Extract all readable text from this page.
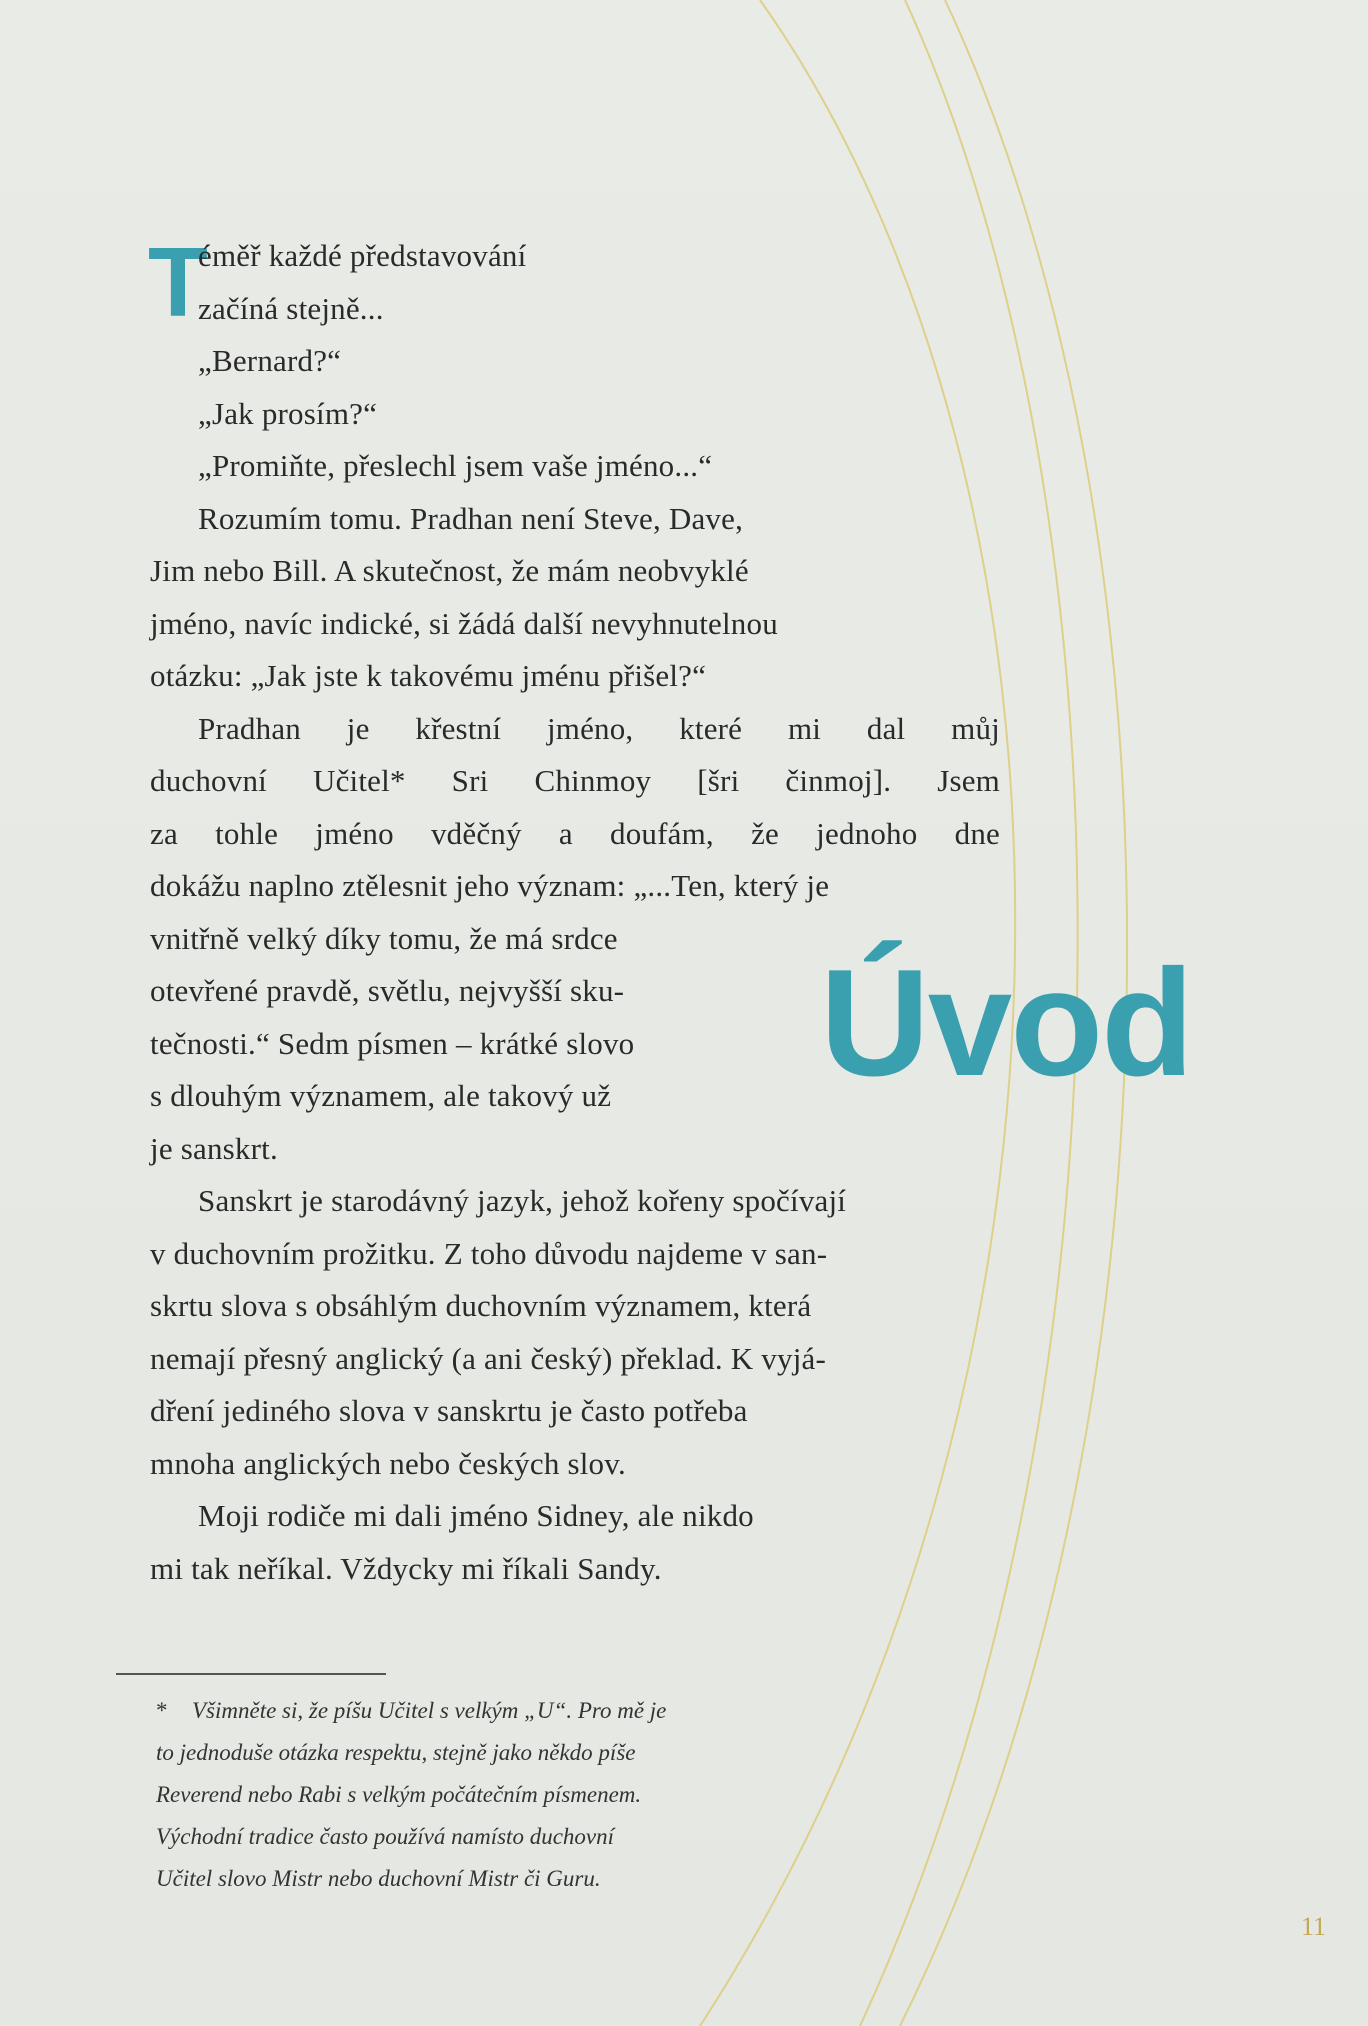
T
éměř každé představování
začíná stejně...
„Bernard?“
„Jak prosím?“
„Promiňte, přeslechl jsem vaše jméno...“
Rozumím tomu. Pradhan není Steve, Dave,
Jim nebo Bill. A skutečnost, že mám neobvyklé
jméno, navíc indické, si žádá další nevyhnutelnou
otázku: „Jak jste k takovému jménu přišel?“
Pradhan je křestní jméno, které mi dal můj
duchovní Učitel* Sri Chinmoy [šri činmoj]. Jsem
za tohle jméno vděčný a doufám, že jednoho dne
dokážu naplno ztělesnit jeho význam: „...Ten, který je
vnitřně velký díky tomu, že má srdce
otevřené pravdě, světlu, nejvyšší sku-
tečnosti.“ Sedm písmen – krátké slovo
s dlouhým významem, ale takový už
je sanskrt.
Sanskrt je starodávný jazyk, jehož kořeny spočívají
v duchovním prožitku. Z toho důvodu najdeme v san-
skrtu slova s obsáhlým duchovním významem, která
nemají přesný anglický (a ani český) překlad. K vyjá-
dření jediného slova v sanskrtu je často potřeba
mnoha anglických nebo českých slov.
Moji rodiče mi dali jméno Sidney, ale nikdo
mi tak neříkal. Vždycky mi říkali Sandy.
Úvod
* Všimněte si, že píšu Učitel s velkým „U“. Pro mě je
to jednoduše otázka respektu, stejně jako někdo píše
Reverend nebo Rabi s velkým počátečním písmenem.
Východní tradice často používá namísto duchovní
Učitel slovo Mistr nebo duchovní Mistr či Guru.
11
